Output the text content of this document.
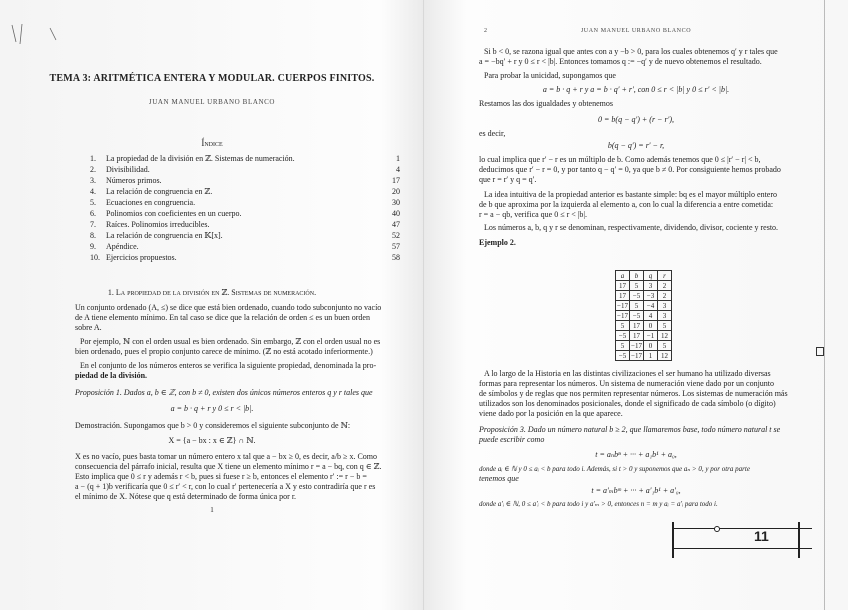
TEMA 3: ARITMÉTICA ENTERA Y MODULAR. CUERPOS FINITOS.
JUAN MANUEL URBANO BLANCO
Índice
1. La propiedad de la división en ℤ. Sistemas de numeración.	1
2. Divisibilidad.	4
3. Números primos.	17
4. La relación de congruencia en ℤ.	20
5. Ecuaciones en congruencia.	30
6. Polinomios con coeficientes en un cuerpo.	40
7. Raíces. Polinomios irreducibles.	47
8. La relación de congruencia en 𝕂[x].	52
9. Apéndice.	57
10. Ejercicios propuestos.	58
1. La propiedad de la división en ℤ. Sistemas de numeración.
Un conjunto ordenado (A, ≤) se dice que está bien ordenado, cuando todo subconjunto no vacío
de A tiene elemento mínimo. En tal caso se dice que la relación de orden ≤ es un buen orden
sobre A.
Por ejemplo, ℕ con el orden usual es bien ordenado. Sin embargo, ℤ con el orden usual no es
bien ordenado, pues el propio conjunto carece de mínimo. (ℤ no está acotado inferiormente.)
En el conjunto de los números enteros se verifica la siguiente propiedad, denominada la pro-
piedad de la división.
Proposición 1. Dados a, b ∈ ℤ, con b ≠ 0, existen dos únicos números enteros q y r tales que
a = b · q + r y 0 ≤ r < |b|.
Demostración. Supongamos que b > 0 y consideremos el siguiente subconjunto de ℕ:
X = {a − bx : x ∈ ℤ} ∩ ℕ.
X es no vacío, pues basta tomar un número entero x tal que a − bx ≥ 0, es decir, a/b ≥ x. Como
consecuencia del párrafo inicial, resulta que X tiene un elemento mínimo r = a − bq, con q ∈ ℤ.
Esto implica que 0 ≤ r y además r < b, pues si fuese r ≥ b, entonces el elemento r′ := r − b =
a − (q + 1)b verificaría que 0 ≤ r′ < r, con lo cual r′ pertenecería a X y esto contradiría que r es
el mínimo de X. Nótese que q está determinado de forma única por r.
1
2	JUAN MANUEL URBANO BLANCO
Si b < 0, se razona igual que antes con a y −b > 0, para los cuales obtenemos q′ y r tales que
a = −bq′ + r y 0 ≤ r < |b|. Entonces tomamos q := −q′ y de nuevo obtenemos el resultado.
Para probar la unicidad, supongamos que
a = b · q + r y a = b · q′ + r′, con 0 ≤ r < |b| y 0 ≤ r′ < |b|.
Restamos las dos igualdades y obtenemos
0 = b(q − q′) + (r − r′),
es decir,
b(q − q′) = r′ − r,
lo cual implica que r′ − r es un múltiplo de b. Como además tenemos que 0 ≤ |r′ − r| < b,
deducimos que r′ − r = 0, y por tanto q − q′ = 0, ya que b ≠ 0. Por consiguiente hemos probado
que r = r′ y q = q′.
La idea intuitiva de la propiedad anterior es bastante simple: bq es el mayor múltiplo entero
de b que aproxima por la izquierda al elemento a, con lo cual la diferencia a entre cometida:
r = a − qb, verifica que 0 ≤ r < |b|.
Los números a, b, q y r se denominan, respectivamente, dividendo, divisor, cociente y resto.
Ejemplo 2.
A lo largo de la Historia en las distintas civilizaciones el ser humano ha utilizado diversas
formas para representar los números. Un sistema de numeración viene dado por un conjunto
de símbolos y de reglas que nos permiten representar números. Los sistemas de numeración más
utilizados son los denominados posicionales, donde el significado de cada símbolo (o dígito)
viene dado por la posición en la que aparece.
Proposición 3. Dado un número natural b ≥ 2, que llamaremos base, todo número natural t se
puede escribir como
t = aₙbⁿ + ··· + a₁b¹ + a₀,
donde aᵢ ∈ ℕ y 0 ≤ aᵢ < b para todo i. Además, si t > 0 y suponemos que aₙ > 0, y por otra parte
tenemos que
t = a′ₘbᵐ + ··· + a′₁b¹ + a′₀,
donde a′ᵢ ∈ ℕ, 0 ≤ a′ᵢ < b para todo i y a′ₘ > 0, entonces n = m y aᵢ = a′ᵢ para todo i.
11
a	b	q	r
17	5	3	2
17	−5	−3	2
−17	5	−4	3
−17	−5	4	3
5	17	0	5
−5	17	−1	12
5	−17	0	5
−5	−17	1	12
